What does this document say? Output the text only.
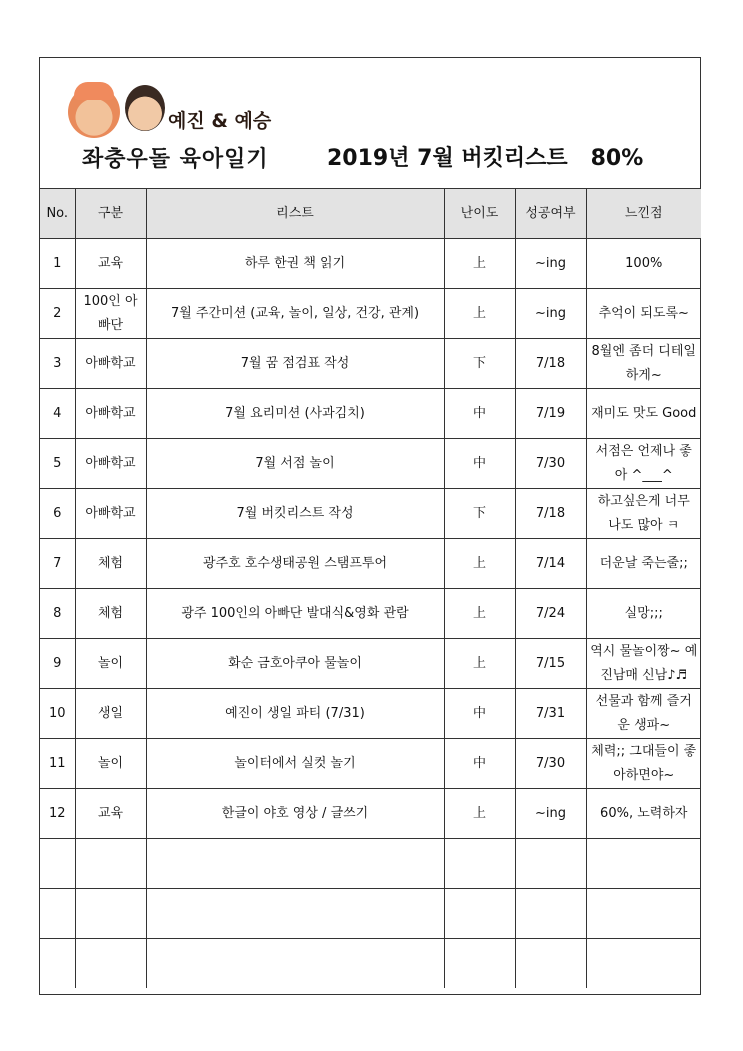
예진 & 예승
좌충우돌 육아일기	2019년 7월 버킷리스트   80%
No.	구분	리스트	난이도	성공여부	느낀점
1	교육	하루 한권 책 읽기	上	~ing	100%
2	100인 아빠단	7월 주간미션 (교육, 놀이, 일상, 건강, 관계)	上	~ing	추억이 되도록~
3	아빠학교	7월 꿈 점검표 작성	下	7/18	8월엔 좀더 디테일하게~
4	아빠학교	7월 요리미션 (사과김치)	中	7/19	재미도 맛도 Good
5	아빠학교	7월 서점 놀이	中	7/30	서점은 언제나 좋아 ^___^
6	아빠학교	7월 버킷리스트 작성	下	7/18	하고싶은게 너무 나도 많아 ㅋ
7	체험	광주호 호수생태공원 스탬프투어	上	7/14	더운날 죽는줄;;
8	체험	광주 100인의 아빠단 발대식&영화 관람	上	7/24	실망;;;
9	놀이	화순 금호아쿠아 물놀이	上	7/15	역시 물놀이짱~ 예진남매 신남♪♬
10	생일	예진이 생일 파티 (7/31)	中	7/31	선물과 함께 즐거운 생파~
11	놀이	놀이터에서 실컷 놀기	中	7/30	체력;; 그대들이 좋아하면야~
12	교육	한글이 야호 영상 / 글쓰기	上	~ing	60%, 노력하자
